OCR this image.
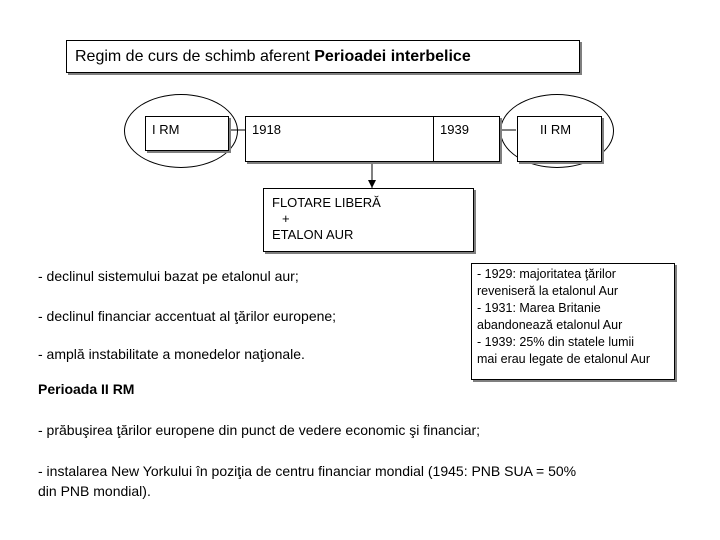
Regim de curs de schimb aferent Perioadei interbelice
I RM	1918	1939	II RM
FLOTARE LIBERĂ
+
ETALON AUR
- declinul sistemului bazat pe etalonul aur;
- declinul financiar accentuat al ţărilor europene;
- amplă instabilitate a monedelor naţionale.
- 1929: majoritatea ţărilor
reveniseră la etalonul Aur
- 1931: Marea Britanie
abandonează etalonul Aur
- 1939: 25% din statele lumii
mai erau legate de etalonul Aur
Perioada II RM
- prăbuşirea ţărilor europene din punct de vedere economic şi financiar;
- instalarea New Yorkului în poziţia de centru financiar mondial (1945: PNB SUA = 50%
din PNB mondial).
